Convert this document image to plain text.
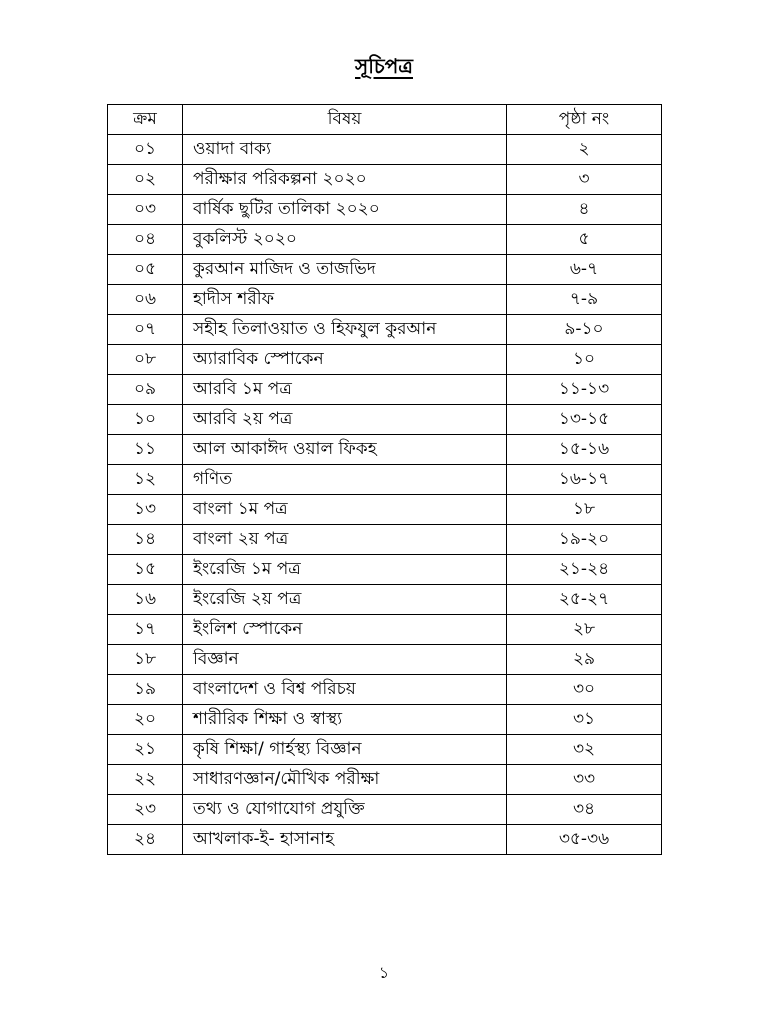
সূচিপত্র
ক্রম	বিষয়	পৃষ্ঠা নং
০১	ওয়াদা বাক্য	২
০২	পরীক্ষার পরিকল্পনা ২০২০	৩
০৩	বার্ষিক ছুটির তালিকা ২০২০	৪
০৪	বুকলিস্ট ২০২০	৫
০৫	কুরআন মাজিদ ও তাজভিদ	৬-৭
০৬	হাদীস শরীফ	৭-৯
০৭	সহীহ তিলাওয়াত ও হিফযুল কুরআন	৯-১০
০৮	অ্যারাবিক স্পোকেন	১০
০৯	আরবি ১ম পত্র	১১-১৩
১০	আরবি ২য় পত্র	১৩-১৫
১১	আল আকাঈদ ওয়াল ফিকহ	১৫-১৬
১২	গণিত	১৬-১৭
১৩	বাংলা ১ম পত্র	১৮
১৪	বাংলা ২য় পত্র	১৯-২০
১৫	ইংরেজি ১ম পত্র	২১-২৪
১৬	ইংরেজি ২য় পত্র	২৫-২৭
১৭	ইংলিশ স্পোকেন	২৮
১৮	বিজ্ঞান	২৯
১৯	বাংলাদেশ ও বিশ্ব পরিচয়	৩০
২০	শারীরিক শিক্ষা ও স্বাস্থ্য	৩১
২১	কৃষি শিক্ষা/ গার্হস্থ্য বিজ্ঞান	৩২
২২	সাধারণজ্ঞান/মৌখিক পরীক্ষা	৩৩
২৩	তথ্য ও যোগাযোগ প্রযুক্তি	৩৪
২৪	আখলাক-ই- হাসানাহ	৩৫-৩৬
১
